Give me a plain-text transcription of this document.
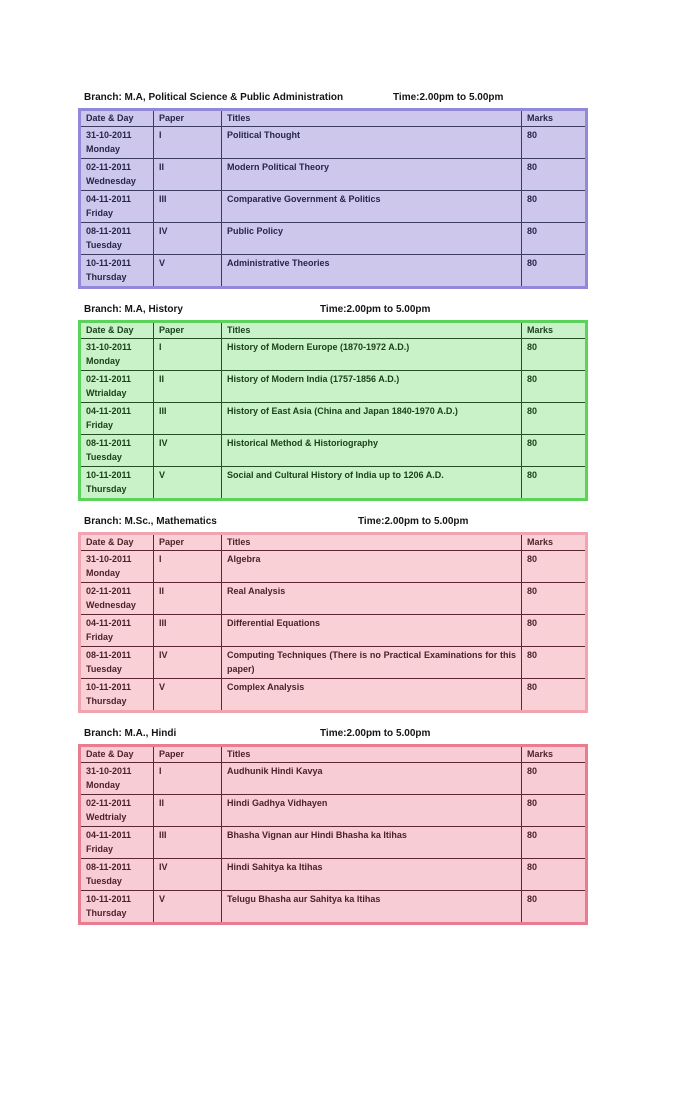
Branch: M.A, Political Science & Public Administration	Time:2.00pm to 5.00pm
Date & Day	Paper	Titles	Marks

31-10-2011
Monday	I	Political Thought	80

02-11-2011
Wednesday	II	Modern Political Theory	80

04-11-2011
Friday	III	Comparative Government & Politics	80

08-11-2011
Tuesday	IV	Public Policy	80

10-11-2011
Thursday	V	Administrative Theories	80
Branch: M.A, History	Time:2.00pm to 5.00pm
Date & Day	Paper	Titles	Marks

31-10-2011
Monday	I	History of Modern Europe (1870-1972 A.D.)	80

02-11-2011
Wtrialday	II	History of Modern India (1757-1856 A.D.)	80

04-11-2011
Friday	III	History of East Asia (China and Japan 1840-1970 A.D.)	80

08-11-2011
Tuesday	IV	Historical Method & Historiography	80

10-11-2011
Thursday	V	Social and Cultural History of India up to 1206 A.D.	80
Branch: M.Sc., Mathematics	Time:2.00pm to 5.00pm
Date & Day	Paper	Titles	Marks

31-10-2011
Monday	I	Algebra	80

02-11-2011
Wednesday	II	Real Analysis	80

04-11-2011
Friday	III	Differential Equations	80

08-11-2011
Tuesday	IV	Computing Techniques (There is no Practical Examinations for this paper)	80

10-11-2011
Thursday	V	Complex Analysis	80
Branch: M.A., Hindi	Time:2.00pm to 5.00pm
Date & Day	Paper	Titles	Marks

31-10-2011
Monday	I	Audhunik Hindi Kavya	80

02-11-2011
Wedtrialy	II	Hindi Gadhya Vidhayen	80

04-11-2011
Friday	III	Bhasha Vignan aur Hindi Bhasha ka Itihas	80

08-11-2011
Tuesday	IV	Hindi Sahitya ka Itihas	80

10-11-2011
Thursday	V	Telugu Bhasha aur Sahitya ka Itihas	80
